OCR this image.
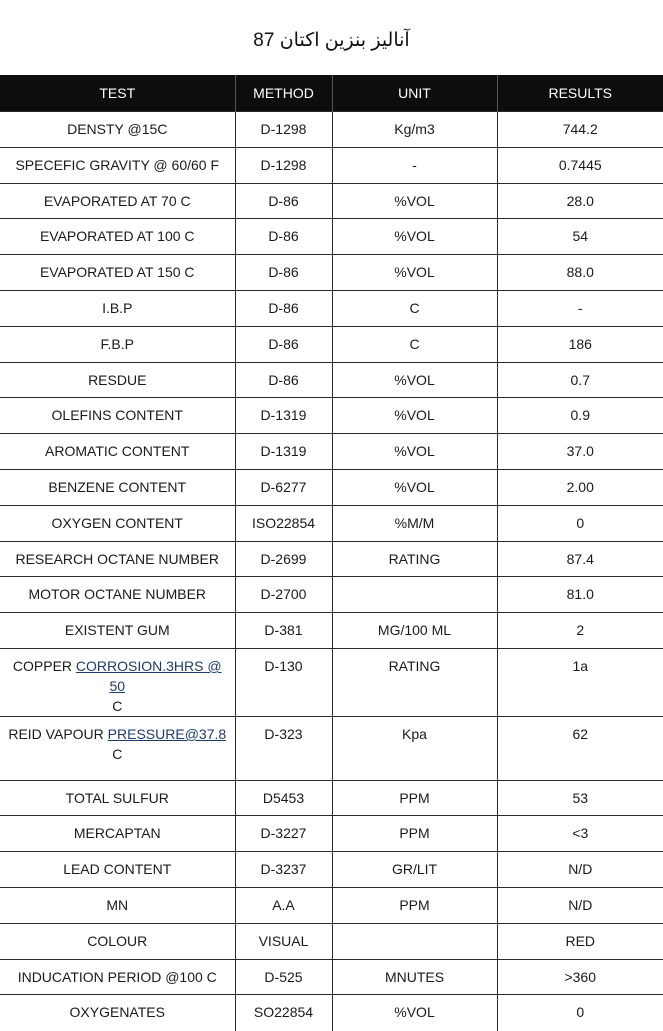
آنالیز بنزین اکتان 87
TEST	METHOD	UNIT	RESULTS
DENSTY @15C	D-1298	Kg/m3	744.2
SPECEFIC GRAVITY @ 60/60 F	D-1298	-	0.7445
EVAPORATED AT 70 C	D-86	%VOL	28.0
EVAPORATED AT 100 C	D-86	%VOL	54
EVAPORATED AT 150 C	D-86	%VOL	88.0
I.B.P	D-86	C	-
F.B.P	D-86	C	186
RESDUE	D-86	%VOL	0.7
OLEFINS CONTENT	D-1319	%VOL	0.9
AROMATIC CONTENT	D-1319	%VOL	37.0
BENZENE CONTENT	D-6277	%VOL	2.00
OXYGEN CONTENT	ISO22854	%M/M	0
RESEARCH OCTANE NUMBER	D-2699	RATING	87.4
MOTOR OCTANE NUMBER	D-2700		81.0
EXISTENT GUM	D-381	MG/100 ML	2
COPPER CORROSION.3HRS @ 50
C	D-130	RATING	1a
REID VAPOUR PRESSURE@37.8 C	D-323	Kpa	62
TOTAL SULFUR	D5453	PPM	53
MERCAPTAN	D-3227	PPM	<3
LEAD CONTENT	D-3237	GR/LIT	N/D
MN	A.A	PPM	N/D
COLOUR	VISUAL		RED
INDUCATION PERIOD @100 C	D-525	MNUTES	>360
OXYGENATES	SO22854	%VOL	0
